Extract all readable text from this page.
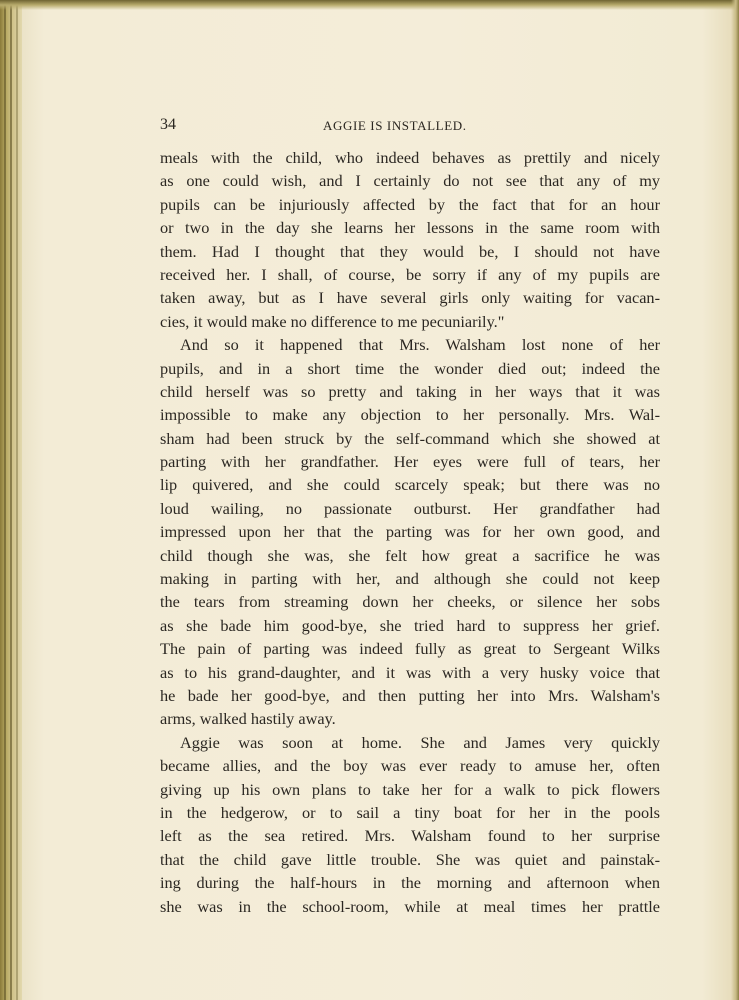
34	AGGIE IS INSTALLED.
meals with the child, who indeed behaves as prettily and nicely
as one could wish, and I certainly do not see that any of my
pupils can be injuriously affected by the fact that for an hour
or two in the day she learns her lessons in the same room with
them. Had I thought that they would be, I should not have
received her. I shall, of course, be sorry if any of my pupils are
taken away, but as I have several girls only waiting for vacan-
cies, it would make no difference to me pecuniarily."
And so it happened that Mrs. Walsham lost none of her
pupils, and in a short time the wonder died out; indeed the
child herself was so pretty and taking in her ways that it was
impossible to make any objection to her personally. Mrs. Wal-
sham had been struck by the self-command which she showed at
parting with her grandfather. Her eyes were full of tears, her
lip quivered, and she could scarcely speak; but there was no
loud wailing, no passionate outburst. Her grandfather had
impressed upon her that the parting was for her own good, and
child though she was, she felt how great a sacrifice he was
making in parting with her, and although she could not keep
the tears from streaming down her cheeks, or silence her sobs
as she bade him good-bye, she tried hard to suppress her grief.
The pain of parting was indeed fully as great to Sergeant Wilks
as to his grand-daughter, and it was with a very husky voice that
he bade her good-bye, and then putting her into Mrs. Walsham's
arms, walked hastily away.
Aggie was soon at home. She and James very quickly
became allies, and the boy was ever ready to amuse her, often
giving up his own plans to take her for a walk to pick flowers
in the hedgerow, or to sail a tiny boat for her in the pools
left as the sea retired. Mrs. Walsham found to her surprise
that the child gave little trouble. She was quiet and painstak-
ing during the half-hours in the morning and afternoon when
she was in the school-room, while at meal times her prattle
